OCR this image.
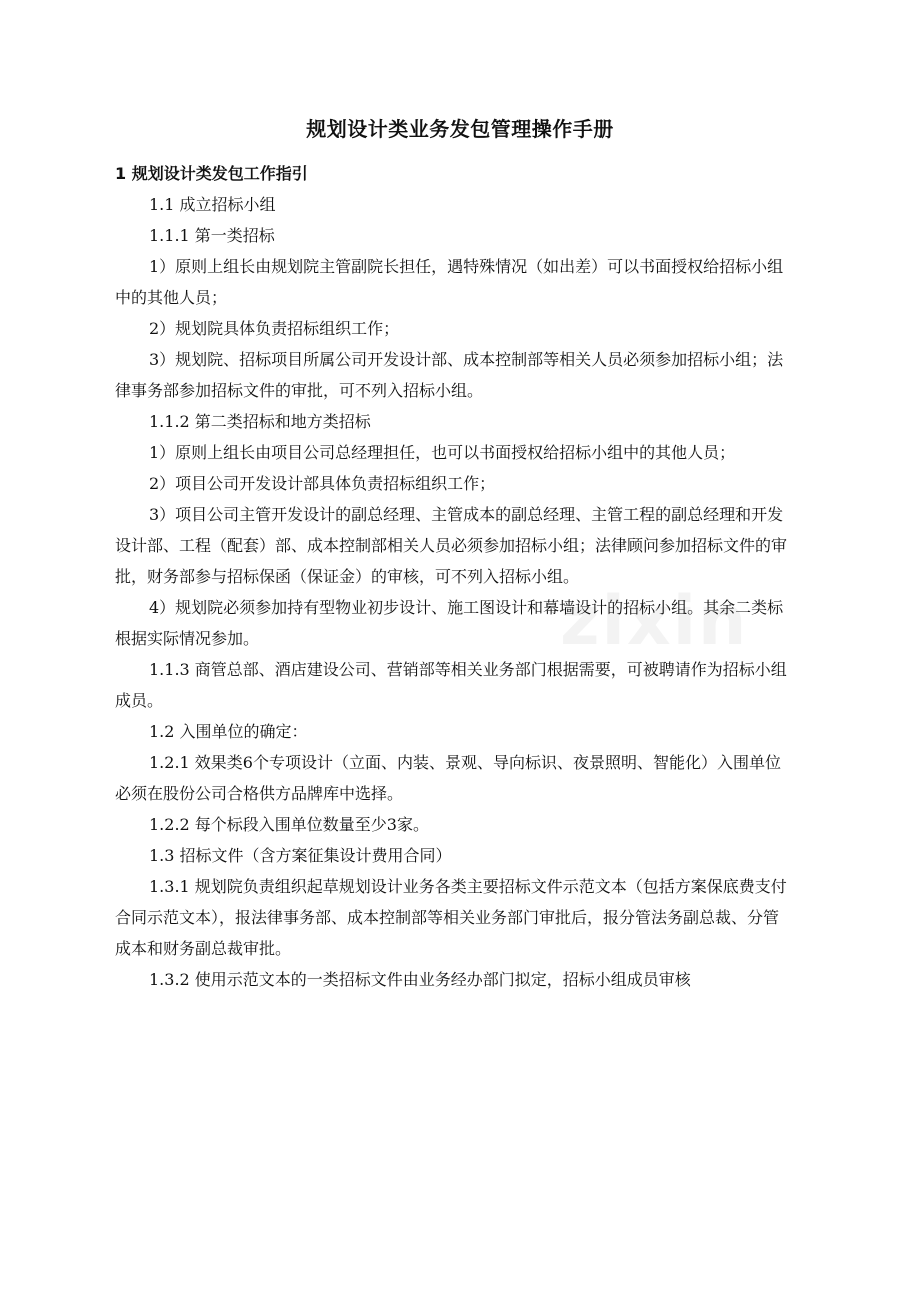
zixin
规划设计类业务发包管理操作手册

1 规划设计类发包工作指引

1.1 成立招标小组

1.1.1 第一类招标

1）原则上组长由规划院主管副院长担任，遇特殊情况（如出差）可以书面授权给招标小组中的其他人员；

2）规划院具体负责招标组织工作；

3）规划院、招标项目所属公司开发设计部、成本控制部等相关人员必须参加招标小组；法律事务部参加招标文件的审批，可不列入招标小组。

1.1.2 第二类招标和地方类招标

1）原则上组长由项目公司总经理担任，也可以书面授权给招标小组中的其他人员；

2）项目公司开发设计部具体负责招标组织工作；

3）项目公司主管开发设计的副总经理、主管成本的副总经理、主管工程的副总经理和开发设计部、工程（配套）部、成本控制部相关人员必须参加招标小组；法律顾问参加招标文件的审批，财务部参与招标保函（保证金）的审核，可不列入招标小组。

4）规划院必须参加持有型物业初步设计、施工图设计和幕墙设计的招标小组。其余二类标根据实际情况参加。

1.1.3 商管总部、酒店建设公司、营销部等相关业务部门根据需要，可被聘请作为招标小组成员。

1.2 入围单位的确定：

1.2.1 效果类6个专项设计（立面、内装、景观、导向标识、夜景照明、智能化）入围单位必须在股份公司合格供方品牌库中选择。

1.2.2 每个标段入围单位数量至少3家。

1.3 招标文件（含方案征集设计费用合同）

1.3.1 规划院负责组织起草规划设计业务各类主要招标文件示范文本（包括方案保底费支付合同示范文本），报法律事务部、成本控制部等相关业务部门审批后，报分管法务副总裁、分管成本和财务副总裁审批。

1.3.2 使用示范文本的一类招标文件由业务经办部门拟定，招标小组成员审核
